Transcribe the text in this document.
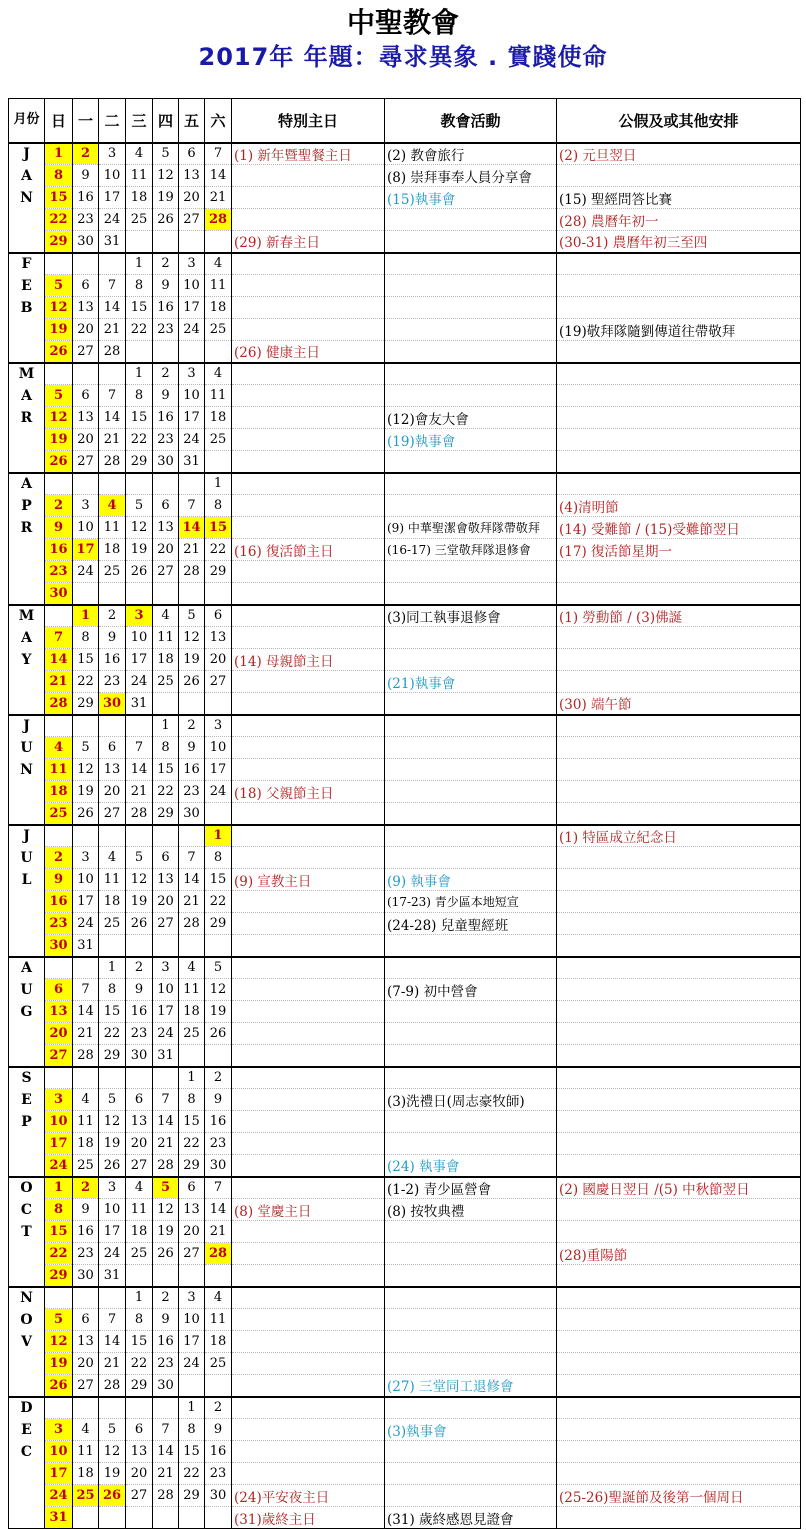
中聖教會
2017年 年題：尋求異象 . 實踐使命
月份	日	一	二	三	四	五	六	特別主日	教會活動	公假及或其他安排
J	1	2	3	4	5	6	7	(1) 新年暨聖餐主日	(2) 教會旅行	(2) 元旦翌日
A	8	9	10	11	12	13	14		(8) 崇拜事奉人員分享會	
N	15	16	17	18	19	20	21		(15)執事會	(15) 聖經問答比賽
	22	23	24	25	26	27	28			(28) 農曆年初一
	29	30	31					(29) 新春主日		(30-31) 農曆年初三至四
F				1	2	3	4			
E	5	6	7	8	9	10	11			
B	12	13	14	15	16	17	18			
	19	20	21	22	23	24	25			(19)敬拜隊隨劉傳道往帶敬拜
	26	27	28					(26) 健康主日		
M				1	2	3	4			
A	5	6	7	8	9	10	11			
R	12	13	14	15	16	17	18		(12)會友大會	
	19	20	21	22	23	24	25		(19)執事會	
	26	27	28	29	30	31				
A							1			
P	2	3	4	5	6	7	8			(4)清明節
R	9	10	11	12	13	14	15		(9) 中華聖潔會敬拜隊帶敬拜	(14) 受難節 / (15)受難節翌日
	16	17	18	19	20	21	22	(16) 復活節主日	(16-17) 三堂敬拜隊退修會	(17) 復活節星期一
	23	24	25	26	27	28	29			
	30									
M		1	2	3	4	5	6		(3)同工執事退修會	(1) 勞動節 / (3)佛誕
A	7	8	9	10	11	12	13			
Y	14	15	16	17	18	19	20	(14) 母親節主日		
	21	22	23	24	25	26	27		(21)執事會	
	28	29	30	31						(30) 端午節
J					1	2	3			
U	4	5	6	7	8	9	10			
N	11	12	13	14	15	16	17			
	18	19	20	21	22	23	24	(18) 父親節主日		
	25	26	27	28	29	30				
J							1			(1) 特區成立紀念日
U	2	3	4	5	6	7	8			
L	9	10	11	12	13	14	15	(9) 宣教主日	(9) 執事會	
	16	17	18	19	20	21	22		(17-23) 青少區本地短宣	
	23	24	25	26	27	28	29		(24-28) 兒童聖經班	
	30	31								
A			1	2	3	4	5			
U	6	7	8	9	10	11	12		(7-9) 初中營會	
G	13	14	15	16	17	18	19			
	20	21	22	23	24	25	26			
	27	28	29	30	31					
S						1	2			
E	3	4	5	6	7	8	9		(3)洗禮日(周志豪牧師)	
P	10	11	12	13	14	15	16			
	17	18	19	20	21	22	23			
	24	25	26	27	28	29	30		(24) 執事會	
O	1	2	3	4	5	6	7		(1-2) 青少區營會	(2) 國慶日翌日 /(5) 中秋節翌日
C	8	9	10	11	12	13	14	(8) 堂慶主日	(8) 按牧典禮	
T	15	16	17	18	19	20	21			
	22	23	24	25	26	27	28			(28)重陽節
	29	30	31							
N				1	2	3	4			
O	5	6	7	8	9	10	11			
V	12	13	14	15	16	17	18			
	19	20	21	22	23	24	25			
	26	27	28	29	30				(27) 三堂同工退修會	
D						1	2			
E	3	4	5	6	7	8	9		(3)執事會	
C	10	11	12	13	14	15	16			
	17	18	19	20	21	22	23			
	24	25	26	27	28	29	30	(24)平安夜主日		(25-26)聖誕節及後第一個周日
	31							(31)歲終主日	(31) 歲終感恩見證會	
